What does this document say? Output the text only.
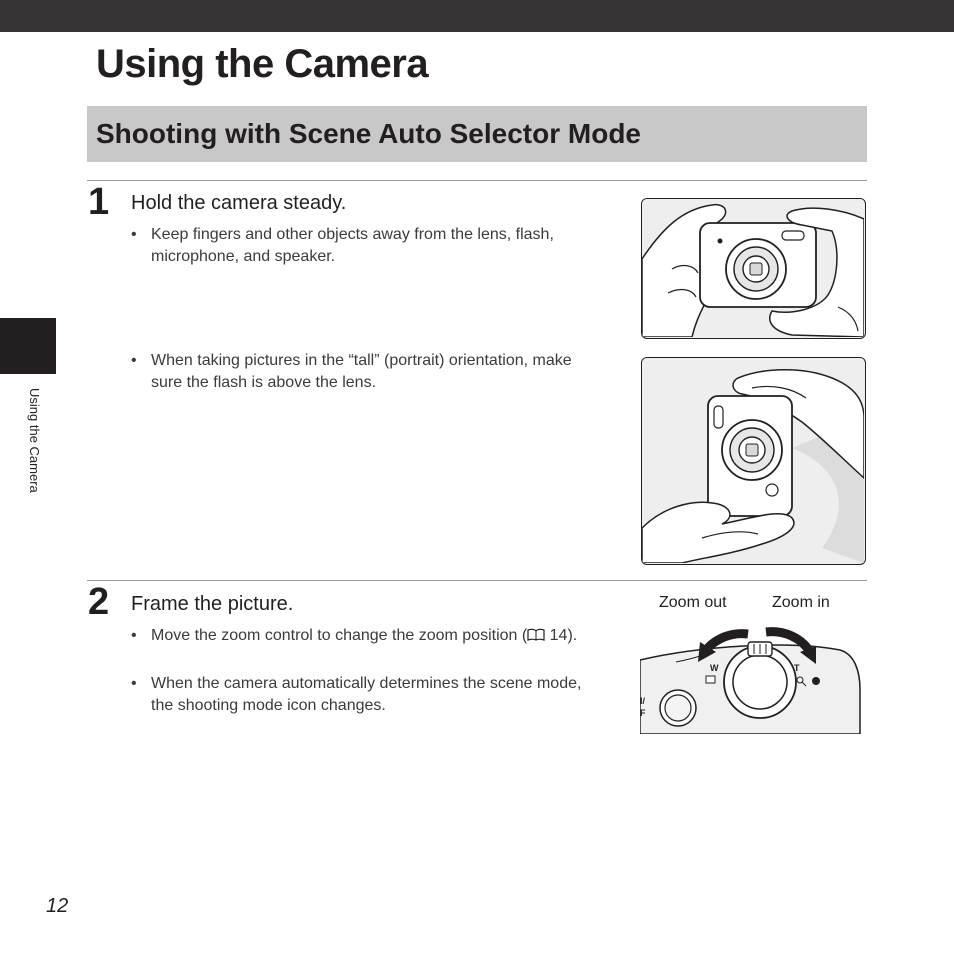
Using the Camera
Shooting with Scene Auto Selector Mode
1 Hold the camera steady.
• Keep fingers and other objects away from the lens, flash, microphone, and speaker.
• When taking pictures in the “tall” (portrait) orientation, make sure the flash is above the lens.
2 Frame the picture.
• Move the zoom control to change the zoom position ( 14).
• When the camera automatically determines the scene mode, the shooting mode icon changes.
Zoom out	Zoom in
W	T
I/
F
Using the Camera
12
